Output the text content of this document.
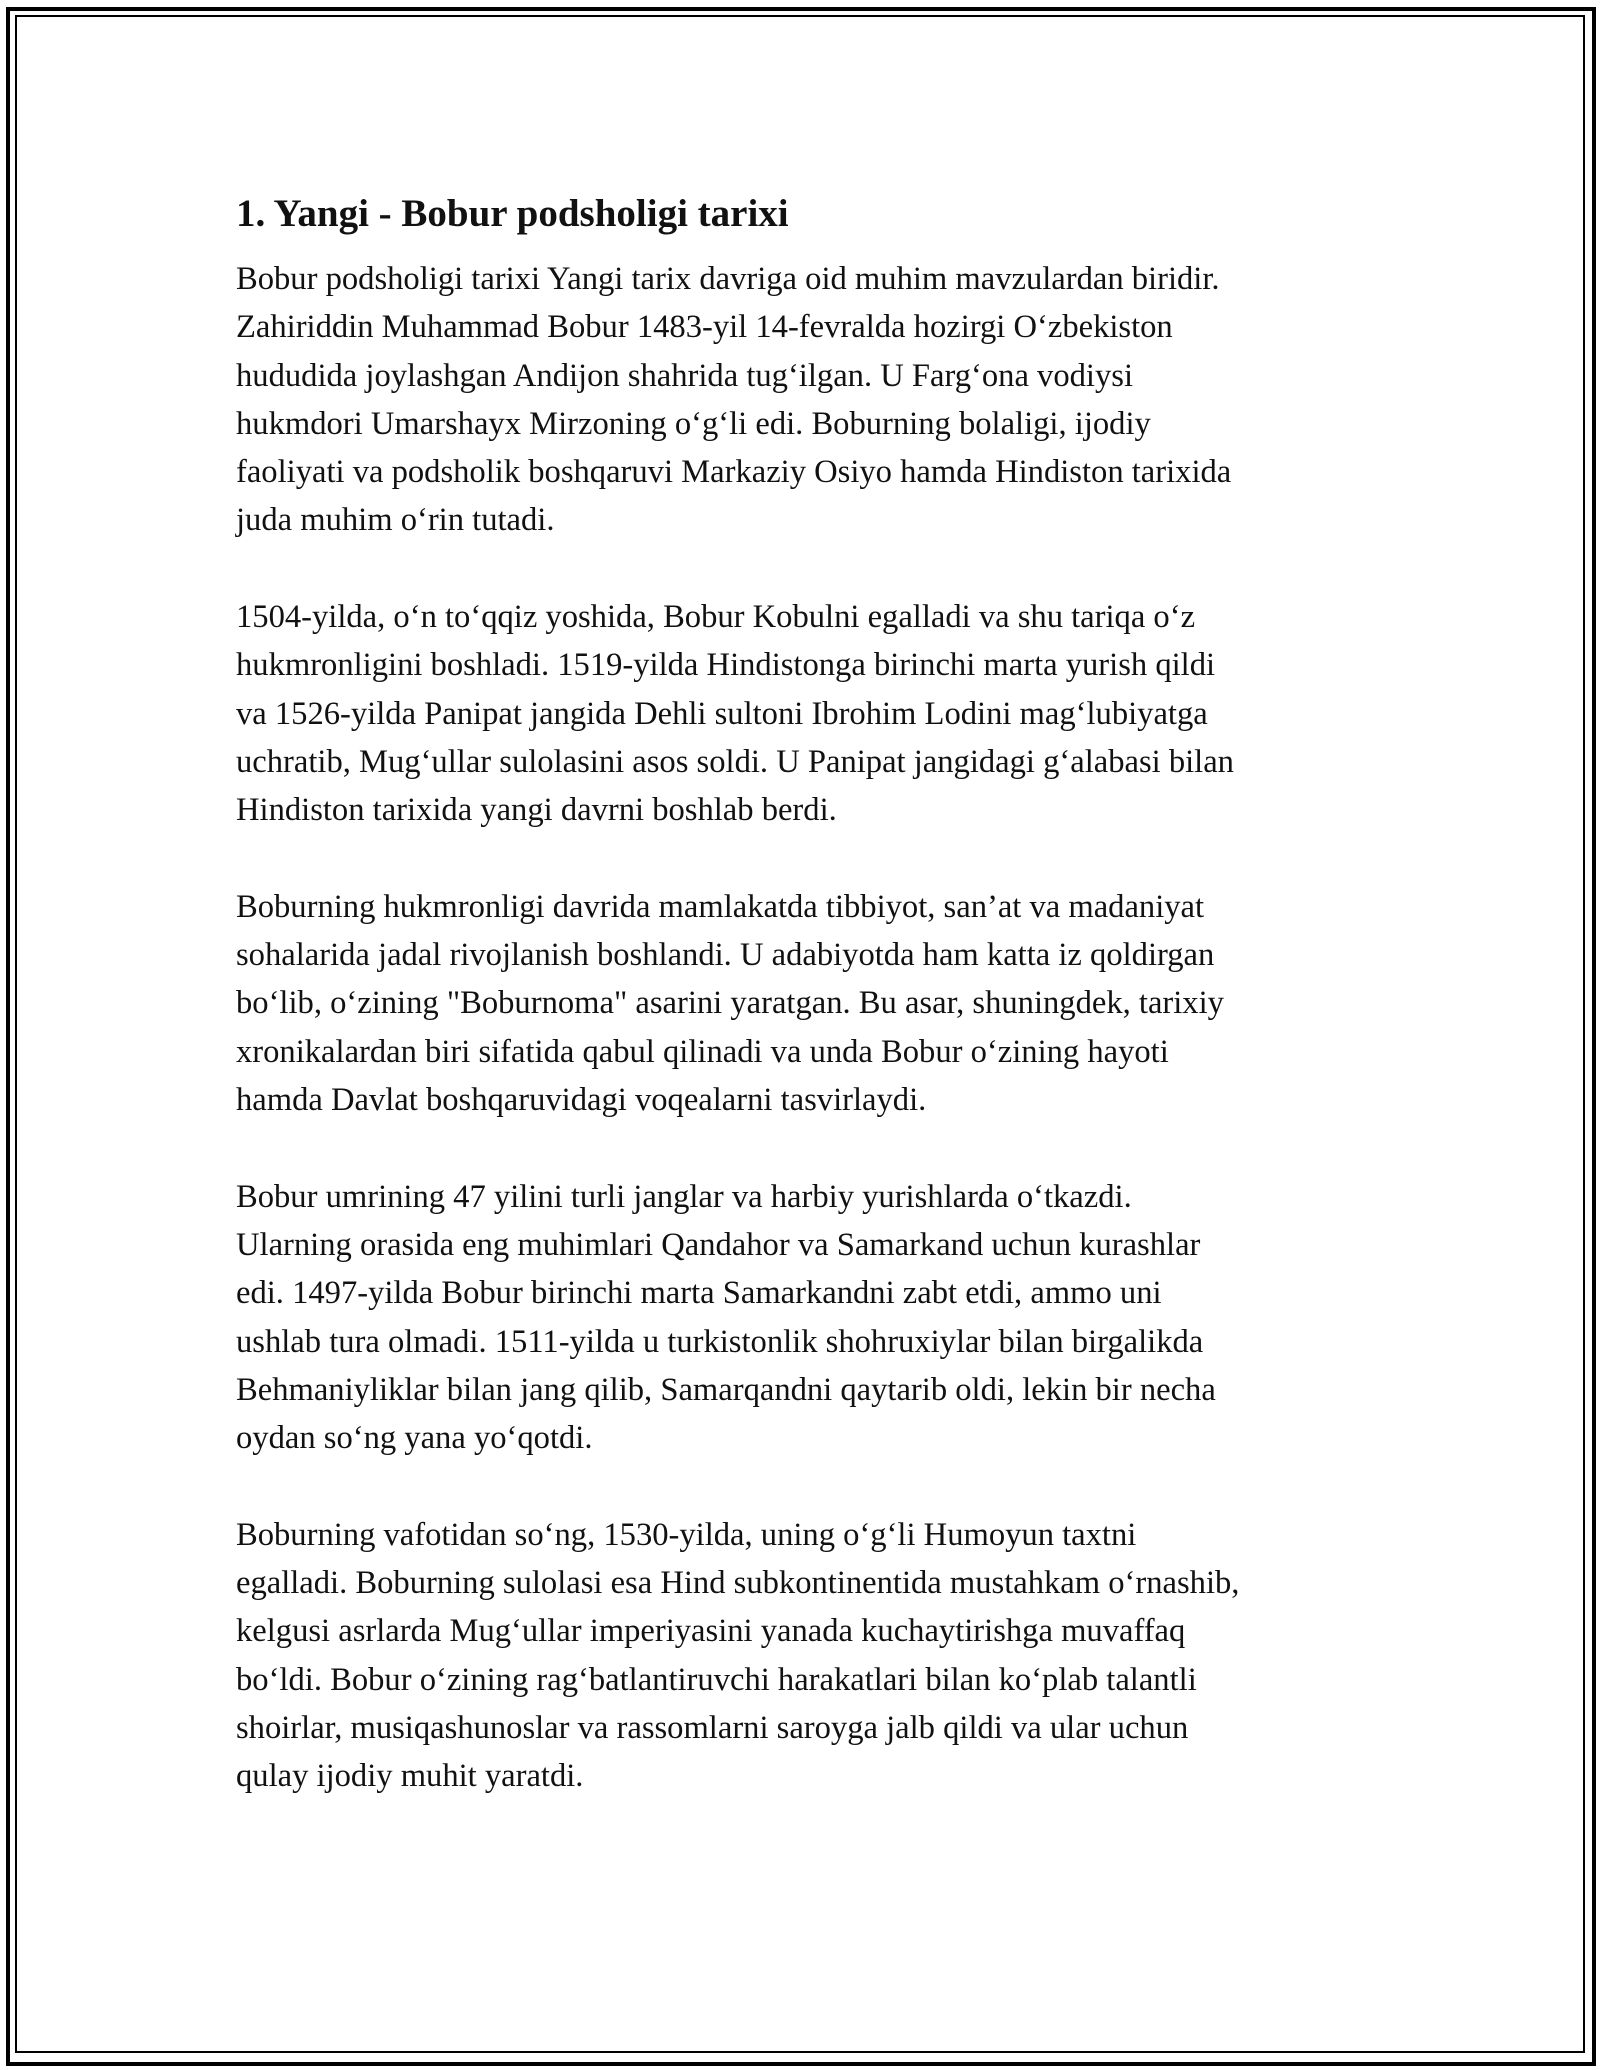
1. Yangi - Bobur podsholigi tarixi
Bobur podsholigi tarixi Yangi tarix davriga oid muhim mavzulardan biridir.
Zahiriddin Muhammad Bobur 1483-yil 14-fevralda hozirgi O‘zbekiston
hududida joylashgan Andijon shahrida tug‘ilgan. U Farg‘ona vodiysi
hukmdori Umarshayx Mirzoning o‘g‘li edi. Boburning bolaligi, ijodiy
faoliyati va podsholik boshqaruvi Markaziy Osiyo hamda Hindiston tarixida
juda muhim o‘rin tutadi.
1504-yilda, o‘n to‘qqiz yoshida, Bobur Kobulni egalladi va shu tariqa o‘z
hukmronligini boshladi. 1519-yilda Hindistonga birinchi marta yurish qildi
va 1526-yilda Panipat jangida Dehli sultoni Ibrohim Lodini mag‘lubiyatga
uchratib, Mug‘ullar sulolasini asos soldi. U Panipat jangidagi g‘alabasi bilan
Hindiston tarixida yangi davrni boshlab berdi.
Boburning hukmronligi davrida mamlakatda tibbiyot, san’at va madaniyat
sohalarida jadal rivojlanish boshlandi. U adabiyotda ham katta iz qoldirgan
bo‘lib, o‘zining "Boburnoma" asarini yaratgan. Bu asar, shuningdek, tarixiy
xronikalardan biri sifatida qabul qilinadi va unda Bobur o‘zining hayoti
hamda Davlat boshqaruvidagi voqealarni tasvirlaydi.
Bobur umrining 47 yilini turli janglar va harbiy yurishlarda o‘tkazdi.
Ularning orasida eng muhimlari Qandahor va Samarkand uchun kurashlar
edi. 1497-yilda Bobur birinchi marta Samarkandni zabt etdi, ammo uni
ushlab tura olmadi. 1511-yilda u turkistonlik shohruxiylar bilan birgalikda
Behmaniyliklar bilan jang qilib, Samarqandni qaytarib oldi, lekin bir necha
oydan so‘ng yana yo‘qotdi.
Boburning vafotidan so‘ng, 1530-yilda, uning o‘g‘li Humoyun taxtni
egalladi. Boburning sulolasi esa Hind subkontinentida mustahkam o‘rnashib,
kelgusi asrlarda Mug‘ullar imperiyasini yanada kuchaytirishga muvaffaq
bo‘ldi. Bobur o‘zining rag‘batlantiruvchi harakatlari bilan ko‘plab talantli
shoirlar, musiqashunoslar va rassomlarni saroyga jalb qildi va ular uchun
qulay ijodiy muhit yaratdi.
